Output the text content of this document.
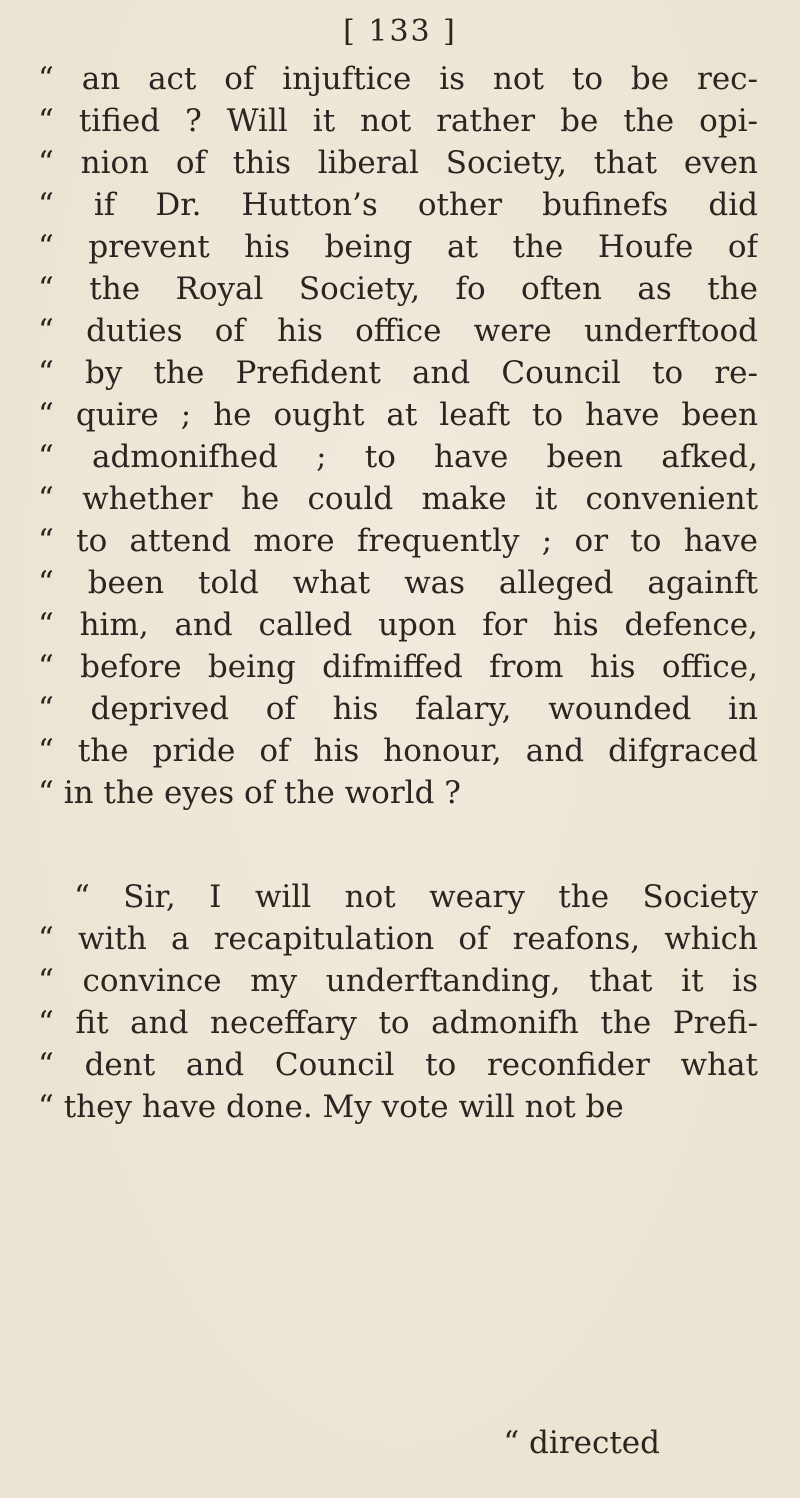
[ 133 ]
“ an act of injuftice is not to be rec-
“ tified ? Will it not rather be the opi-
“ nion of this liberal Society, that even
“ if Dr. Hutton’s other bufinefs did
“ prevent his being at the Houfe of
“ the Royal Society, fo often as the
“ duties of his office were underftood
“ by the Prefident and Council to re-
“ quire ; he ought at leaft to have been
“ admonifhed ; to have been afked,
“ whether he could make it convenient
“ to attend more frequently ; or to have
“ been told what was alleged againft
“ him, and called upon for his defence,
“ before being difmiffed from his office,
“ deprived of his falary, wounded in
“ the pride of his honour, and difgraced
“ in the eyes of the world ?
“ Sir, I will not weary the Society
“ with a recapitulation of reafons, which
“ convince my underftanding, that it is
“ fit and neceffary to admonifh the Prefi-
“ dent and Council to reconfider what
“ they have done. My vote will not be
“ directed
